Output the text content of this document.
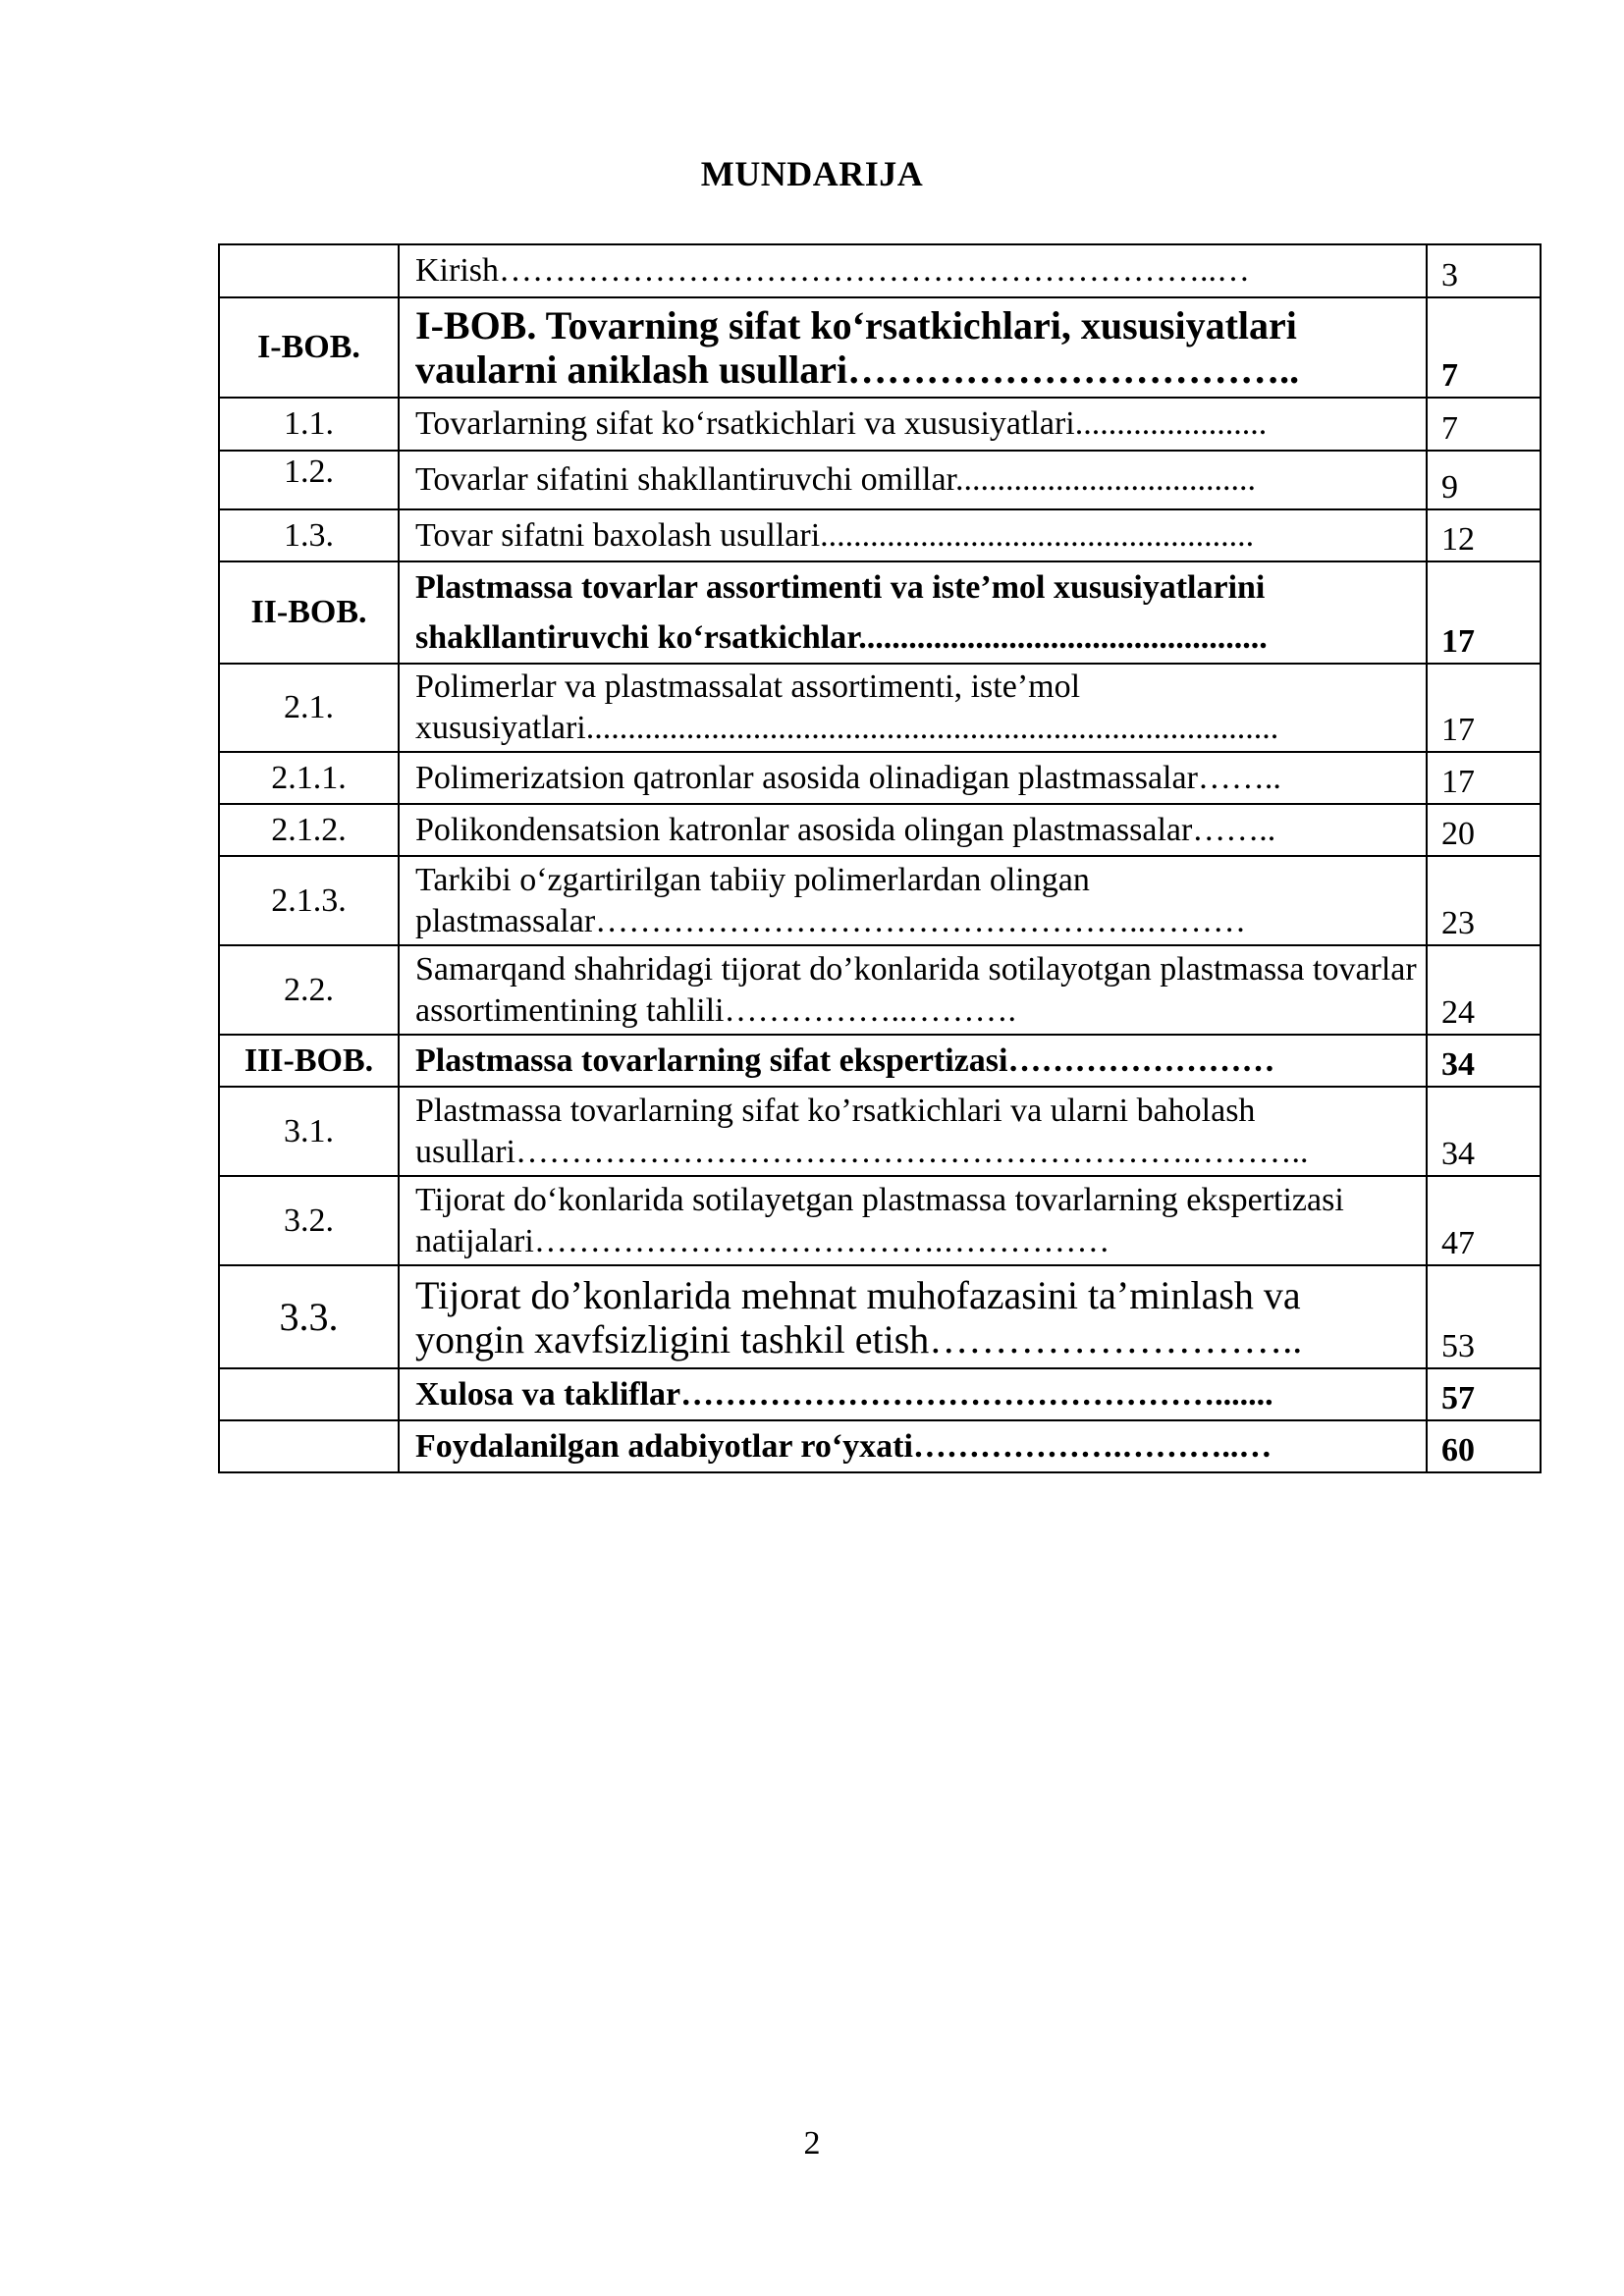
MUNDARIJA
	Kirish………………………………………………………..…	3
I-BOB.	I-BOB. Tovarning sifat ko‘rsatkichlari, xususiyatlari vaularni aniklash usullari……………………………..	7
1.1.	Tovarlarning sifat ko‘rsatkichlari va xususiyatlari.......................	7
1.2.	Tovarlar sifatini shakllantiruvchi omillar....................................	9
1.3.	Tovar sifatni baxolash usullari....................................................	12
II-BOB.	Plastmassa tovarlar assortimenti va iste’mol xususiyatlarini shakllantiruvchi ko‘rsatkichlar.................................................	17
2.1.	Polimerlar va plastmassalat assortimenti, iste’mol xususiyatlari...................................................................................	17
2.1.1.	Polimerizatsion qatronlar asosida olinadigan plastmassalar……..	17
2.1.2.	Polikondensatsion katronlar asosida olingan plastmassalar……..	20
2.1.3.	Tarkibi o‘zgartirilgan tabiiy polimerlardan olingan plastmassalar…………………………………………..………	23
2.2.	Samarqand shahridagi tijorat do’konlarida sotilayotgan plastmassa tovarlar assortimentining tahlili……………..……….	24
III-BOB.	Plastmassa tovarlarning sifat ekspertizasi……………………	34
3.1.	Plastmassa tovarlarning sifat ko’rsatkichlari va ularni baholash usullari…………………………………………………….………..	34
3.2.	Tijorat do‘konlarida sotilayetgan plastmassa tovarlarning ekspertizasi natijalari……………………………….……………	47
3.3.	Tijorat do’konlarida mehnat muhofazasini ta’minlash va yongin xavfsizligini tashkil etish………………………..	53
	Xulosa va takliflar………………………………………….......	57
	Foydalanilgan adabiyotlar ro‘yxati……………….………..…	60
2
